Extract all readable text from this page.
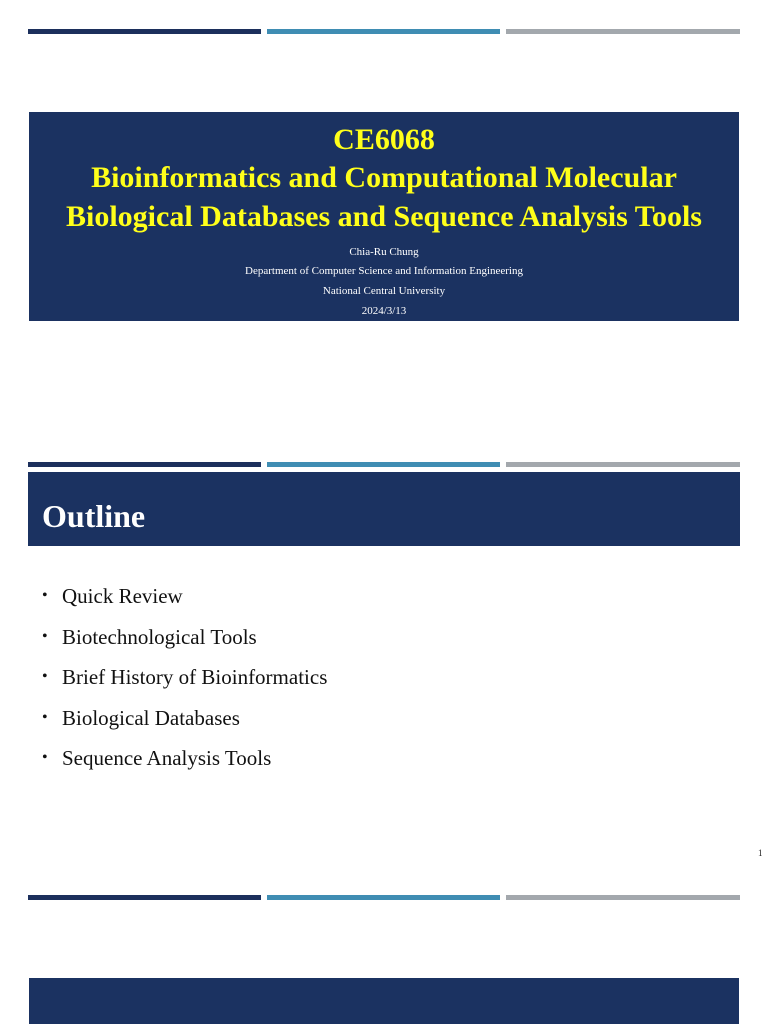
CE6068
Bioinformatics and Computational Molecular
Biological Databases and Sequence Analysis Tools
Chia-Ru Chung
Department of Computer Science and Information Engineering
National Central University
2024/3/13
Outline
• Quick Review
• Biotechnological Tools
• Brief History of Bioinformatics
• Biological Databases
• Sequence Analysis Tools
1
